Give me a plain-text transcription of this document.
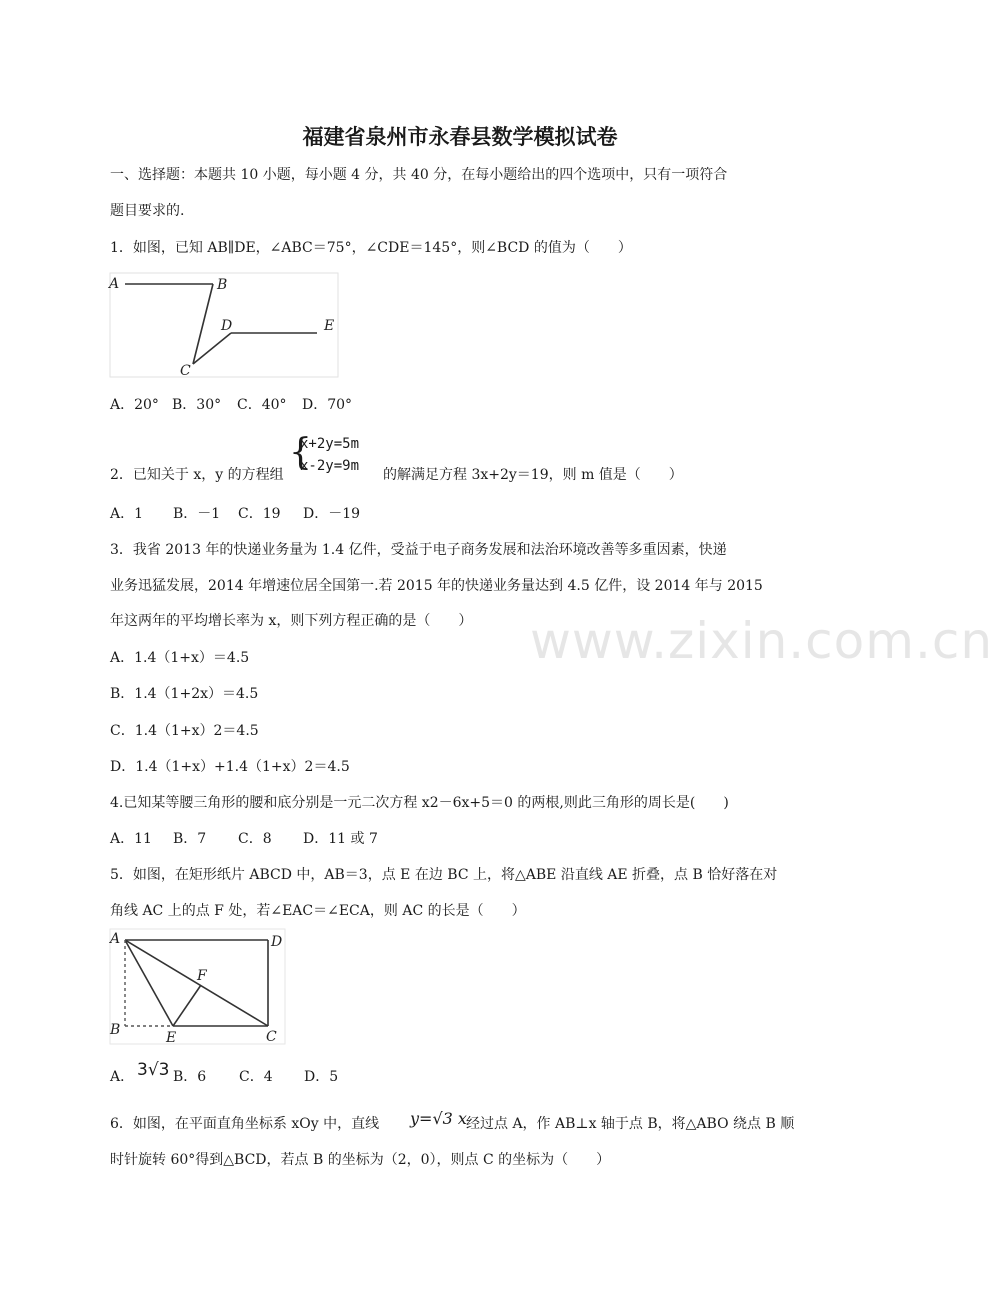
www.zixin.com.cn
福建省泉州市永春县数学模拟试卷
一、选择题：本题共 10 小题，每小题 4 分，共 40 分，在每小题给出的四个选项中，只有一项符合
题目要求的.
1．如图，已知 AB∥DE，∠ABC＝75°，∠CDE＝145°，则∠BCD 的值为（　　）
A	B
C
D	E
A．20° B．30° C．40° D．70°
{
x+2y=5m
x-2y=9m
2．已知关于 x，y 的方程组	的解满足方程 3x+2y＝19，则 m 值是（　　）
A．1 B．－1 C．19 D．－19
3．我省 2013 年的快递业务量为 1.4 亿件，受益于电子商务发展和法治环境改善等多重因素，快递
业务迅猛发展，2014 年增速位居全国第一.若 2015 年的快递业务量达到 4.5 亿件，设 2014 年与 2015
年这两年的平均增长率为 x，则下列方程正确的是（　　）
A．1.4（1+x）＝4.5
B．1.4（1+2x）＝4.5
C．1.4（1+x）2＝4.5
D．1.4（1+x）+1.4（1+x）2＝4.5
4.已知某等腰三角形的腰和底分别是一元二次方程 x2－6x+5＝0 的两根,则此三角形的周长是(　　)
A．11 B．7 C．8 D．11 或 7
5．如图，在矩形纸片 ABCD 中，AB＝3，点 E 在边 BC 上，将△ABE 沿直线 AE 折叠，点 B 恰好落在对
角线 AC 上的点 F 处，若∠EAC＝∠ECA，则 AC 的长是（　　）
A	D
F
B	E	C
A． 3√3 B．6 C．4 D．5
6．如图，在平面直角坐标系 xOy 中，直线 y=√3 x 经过点 A，作 AB⊥x 轴于点 B，将△ABO 绕点 B 顺
时针旋转 60°得到△BCD，若点 B 的坐标为（2，0），则点 C 的坐标为（　　）
